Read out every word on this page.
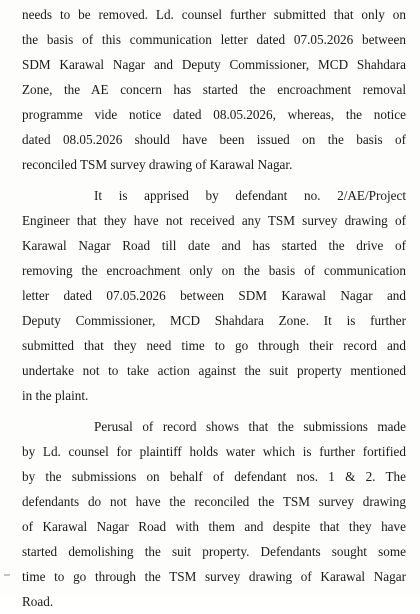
needs to be removed. Ld. counsel further submitted that only on
the basis of this communication letter dated 07.05.2026 between
SDM Karawal Nagar and Deputy Commissioner, MCD Shahdara
Zone, the AE concern has started the encroachment removal
programme vide notice dated 08.05.2026, whereas, the notice
dated 08.05.2026 should have been issued on the basis of
reconciled TSM survey drawing of Karawal Nagar.
It is apprised by defendant no. 2/AE/Project
Engineer that they have not received any TSM survey drawing of
Karawal Nagar Road till date and has started the drive of
removing the encroachment only on the basis of communication
letter dated 07.05.2026 between SDM Karawal Nagar and
Deputy Commissioner, MCD Shahdara Zone. It is further
submitted that they need time to go through their record and
undertake not to take action against the suit property mentioned
in the plaint.
Perusal of record shows that the submissions made
by Ld. counsel for plaintiff holds water which is further fortified
by the submissions on behalf of defendant nos. 1 & 2. The
defendants do not have the reconciled the TSM survey drawing
of Karawal Nagar Road with them and despite that they have
started demolishing the suit property. Defendants sought some
time to go through the TSM survey drawing of Karawal Nagar
Road.
